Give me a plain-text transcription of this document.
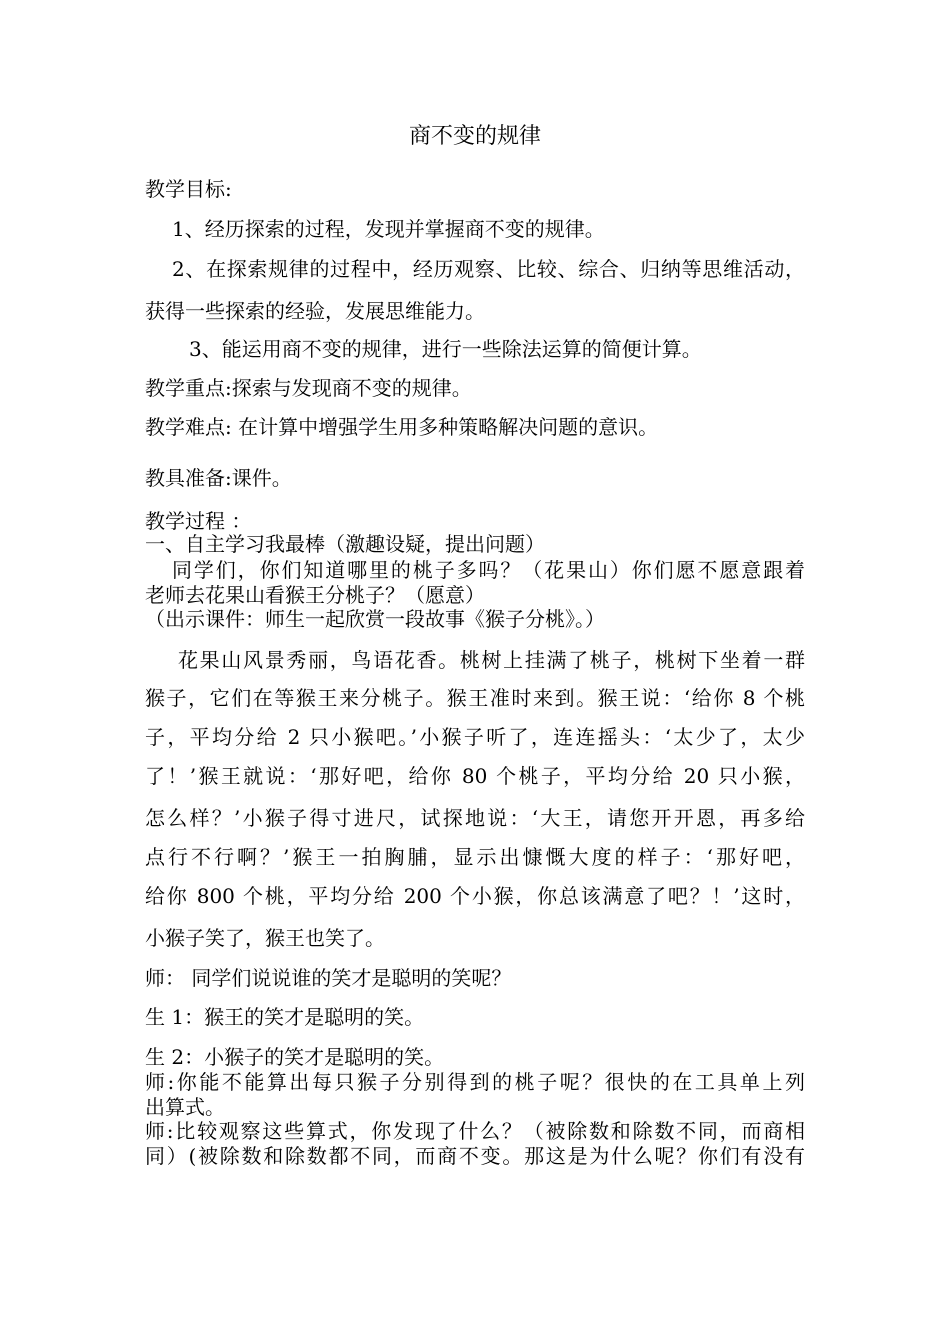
商不变的规律
教学目标:
1、经历探索的过程，发现并掌握商不变的规律。
2、在探索规律的过程中，经历观察、比较、综合、归纳等思维活动，
获得一些探索的经验，发展思维能力。
3、能运用商不变的规律，进行一些除法运算的简便计算。
教学重点:探索与发现商不变的规律。
教学难点: 在计算中增强学生用多种策略解决问题的意识。
教具准备:课件。
教学过程 ：
一、自主学习我最棒（激趣设疑，提出问题）
同学们，你们知道哪里的桃子多吗？（花果山）你们愿不愿意跟着
老师去花果山看猴王分桃子？（愿意）
（出示课件：师生一起欣赏一段故事《猴子分桃》。）
花果山风景秀丽，鸟语花香。桃树上挂满了桃子，桃树下坐着一群
猴子，它们在等猴王来分桃子。猴王准时来到。猴王说：‘给你 8 个桃
子，平均分给 2 只小猴吧。’小猴子听了，连连摇头：‘太少了，太少
了！’猴王就说：‘那好吧，给你 80 个桃子，平均分给 20 只小猴，
怎么样？’小猴子得寸进尺，试探地说：‘大王，请您开开恩，再多给
点行不行啊？’猴王一拍胸脯，显示出慷慨大度的样子：‘那好吧，
给你 800 个桃，平均分给 200 个小猴，你总该满意了吧？！’这时，
小猴子笑了，猴王也笑了。
师： 同学们说说谁的笑才是聪明的笑呢？
生 1：猴王的笑才是聪明的笑。
生 2：小猴子的笑才是聪明的笑。
师:你能不能算出每只猴子分别得到的桃子呢？很快的在工具单上列
出算式。
师:比较观察这些算式，你发现了什么？（被除数和除数不同，而商相
同）(被除数和除数都不同，而商不变。那这是为什么呢？你们有没有
